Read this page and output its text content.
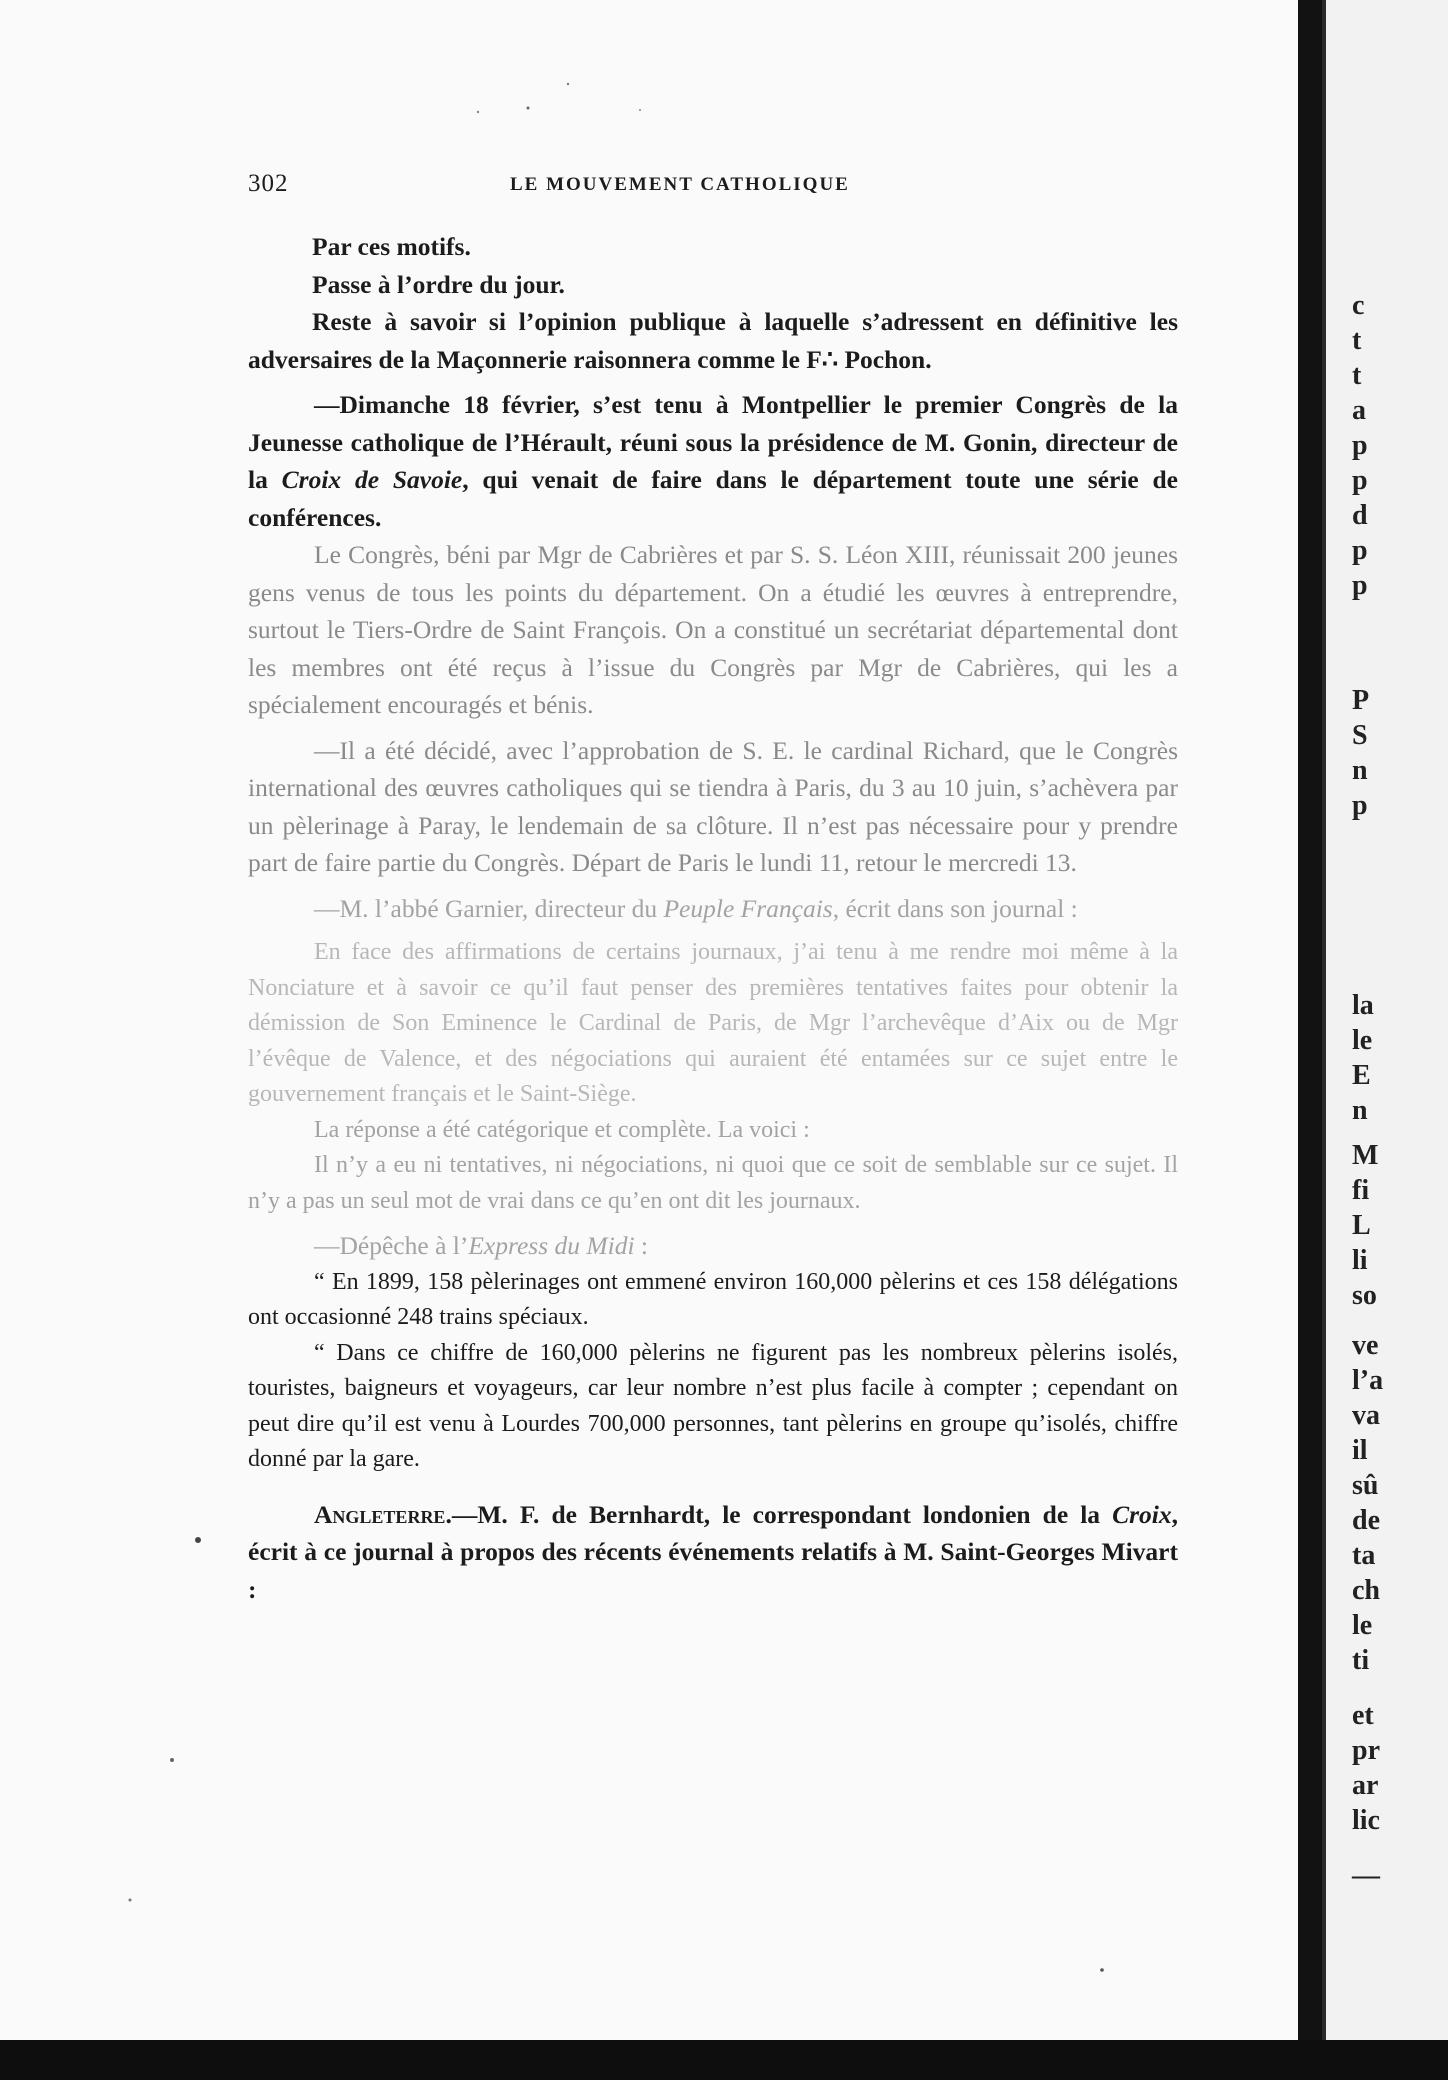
302	LE MOUVEMENT CATHOLIQUE

Par ces motifs.

Passe à l’ordre du jour.

Reste à savoir si l’opinion publique à laquelle s’adressent en définitive les adversaires de la Maçonnerie raisonnera comme le F∴ Pochon.

—Dimanche 18 février, s’est tenu à Montpellier le premier Congrès de la Jeunesse catholique de l’Hérault, réuni sous la présidence de M. Gonin, directeur de la Croix de Savoie, qui venait de faire dans le département toute une série de conférences.

Le Congrès, béni par Mgr de Cabrières et par S. S. Léon XIII, réunissait 200 jeunes gens venus de tous les points du département. On a étudié les œuvres à entreprendre, surtout le Tiers-Ordre de Saint François. On a constitué un secrétariat départemental dont les membres ont été reçus à l’issue du Congrès par Mgr de Cabrières, qui les a spécialement encouragés et bénis.

—Il a été décidé, avec l’approbation de S. E. le cardinal Richard, que le Congrès international des œuvres catholiques qui se tiendra à Paris, du 3 au 10 juin, s’achèvera par un pèlerinage à Paray, le lendemain de sa clôture. Il n’est pas nécessaire pour y prendre part de faire partie du Congrès. Départ de Paris le lundi 11, retour le mercredi 13.

—M. l’abbé Garnier, directeur du Peuple Français, écrit dans son journal :

En face des affirmations de certains journaux, j’ai tenu à me rendre moi même à la Nonciature et à savoir ce qu’il faut penser des premières tentatives faites pour obtenir la démission de Son Eminence le Cardinal de Paris, de Mgr l’archevêque d’Aix ou de Mgr l’évêque de Valence, et des négociations qui auraient été entamées sur ce sujet entre le gouvernement français et le Saint-Siège.

La réponse a été catégorique et complète. La voici :

Il n’y a eu ni tentatives, ni négociations, ni quoi que ce soit de semblable sur ce sujet. Il n’y a pas un seul mot de vrai dans ce qu’en ont dit les journaux.

—Dépêche à l’Express du Midi :

“ En 1899, 158 pèlerinages ont emmené environ 160,000 pèlerins et ces 158 délégations ont occasionné 248 trains spéciaux.

“ Dans ce chiffre de 160,000 pèlerins ne figurent pas les nombreux pèlerins isolés, touristes, baigneurs et voyageurs, car leur nombre n’est plus facile à compter ; cependant on peut dire qu’il est venu à Lourdes 700,000 personnes, tant pèlerins en groupe qu’isolés, chiffre donné par la gare.

Angleterre.—M. F. de Bernhardt, le correspondant londonien de la Croix, écrit à ce journal à propos des récents événements relatifs à M. Saint-Georges Mivart :

c
t
t
a
p
p
d
p
p
P
S
n
p
la
le
E
n
M
fi
L
li
so
ve
l’a
va
il
sû
de
ta
ch
le
ti
et
pr
ar
lic
—
